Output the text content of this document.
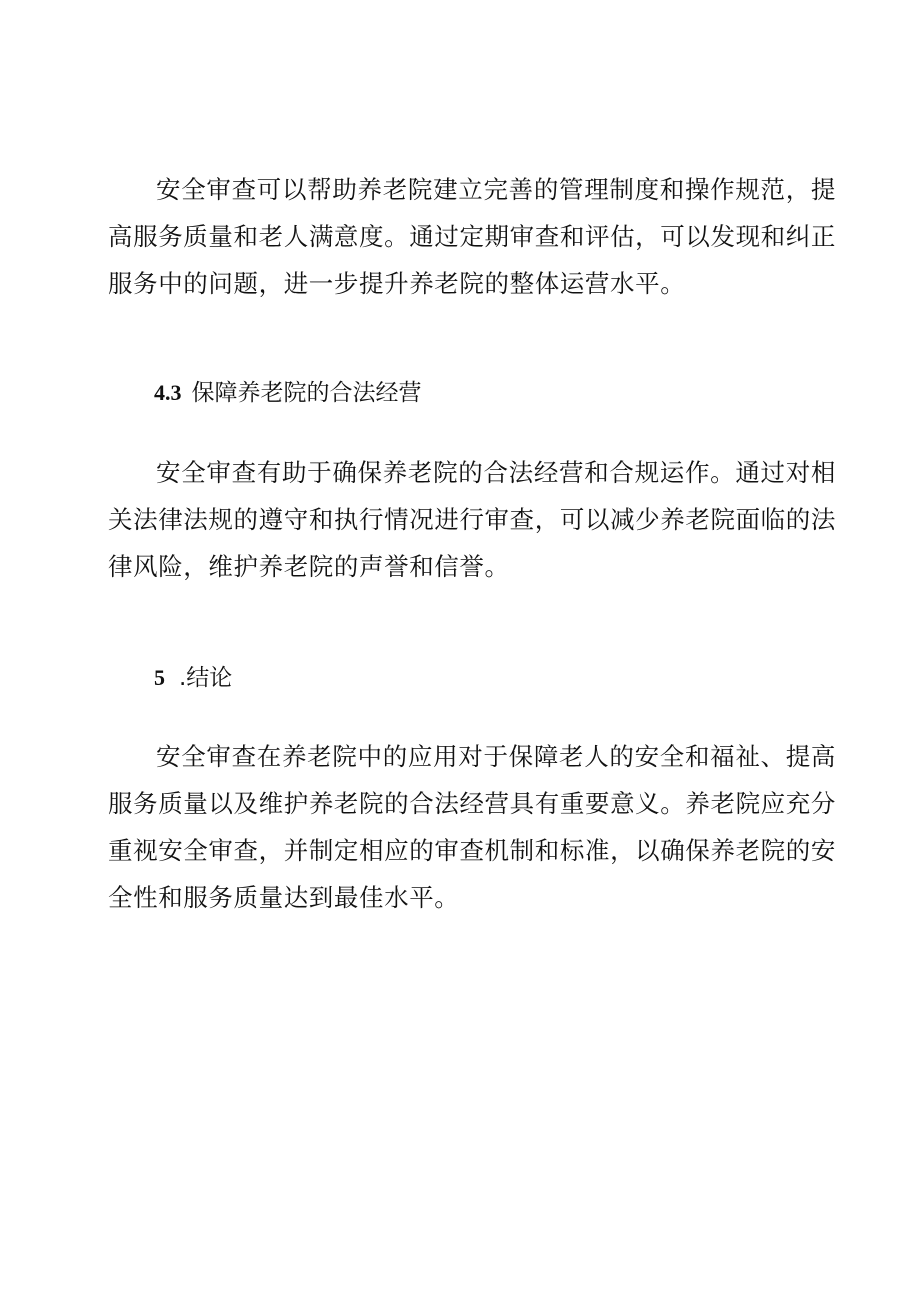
安全审查可以帮助养老院建立完善的管理制度和操作规范，提高服务质量和老人满意度。通过定期审查和评估，可以发现和纠正服务中的问题，进一步提升养老院的整体运营水平。

4.3 保障养老院的合法经营

安全审查有助于确保养老院的合法经营和合规运作。通过对相关法律法规的遵守和执行情况进行审查，可以减少养老院面临的法律风险，维护养老院的声誉和信誉。

5 .结论

安全审查在养老院中的应用对于保障老人的安全和福祉、提高服务质量以及维护养老院的合法经营具有重要意义。养老院应充分重视安全审查，并制定相应的审查机制和标准，以确保养老院的安全性和服务质量达到最佳水平。
